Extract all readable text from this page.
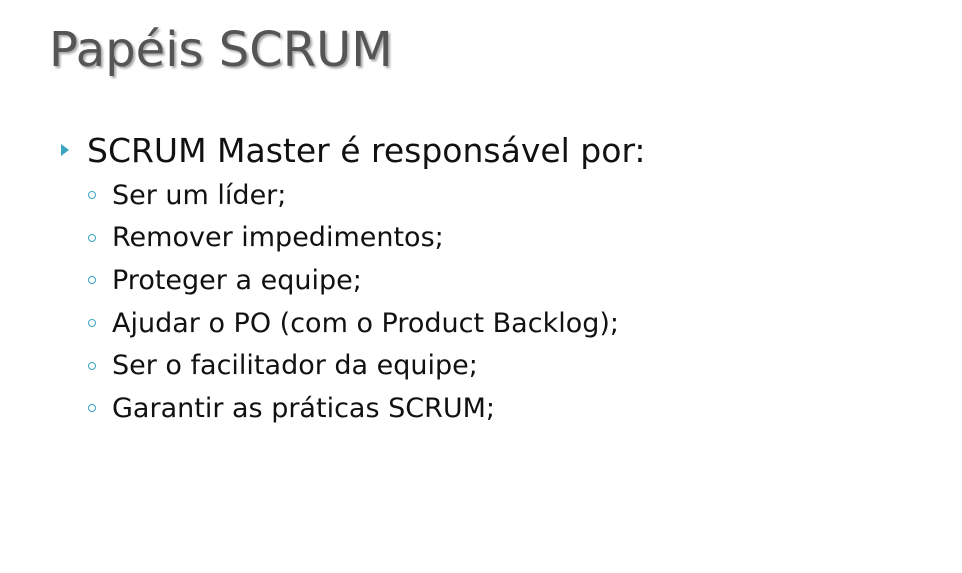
Papéis SCRUM
SCRUM Master é responsável por:
Ser um líder;
Remover impedimentos;
Proteger a equipe;
Ajudar o PO (com o Product Backlog);
Ser o facilitador da equipe;
Garantir as práticas SCRUM;
